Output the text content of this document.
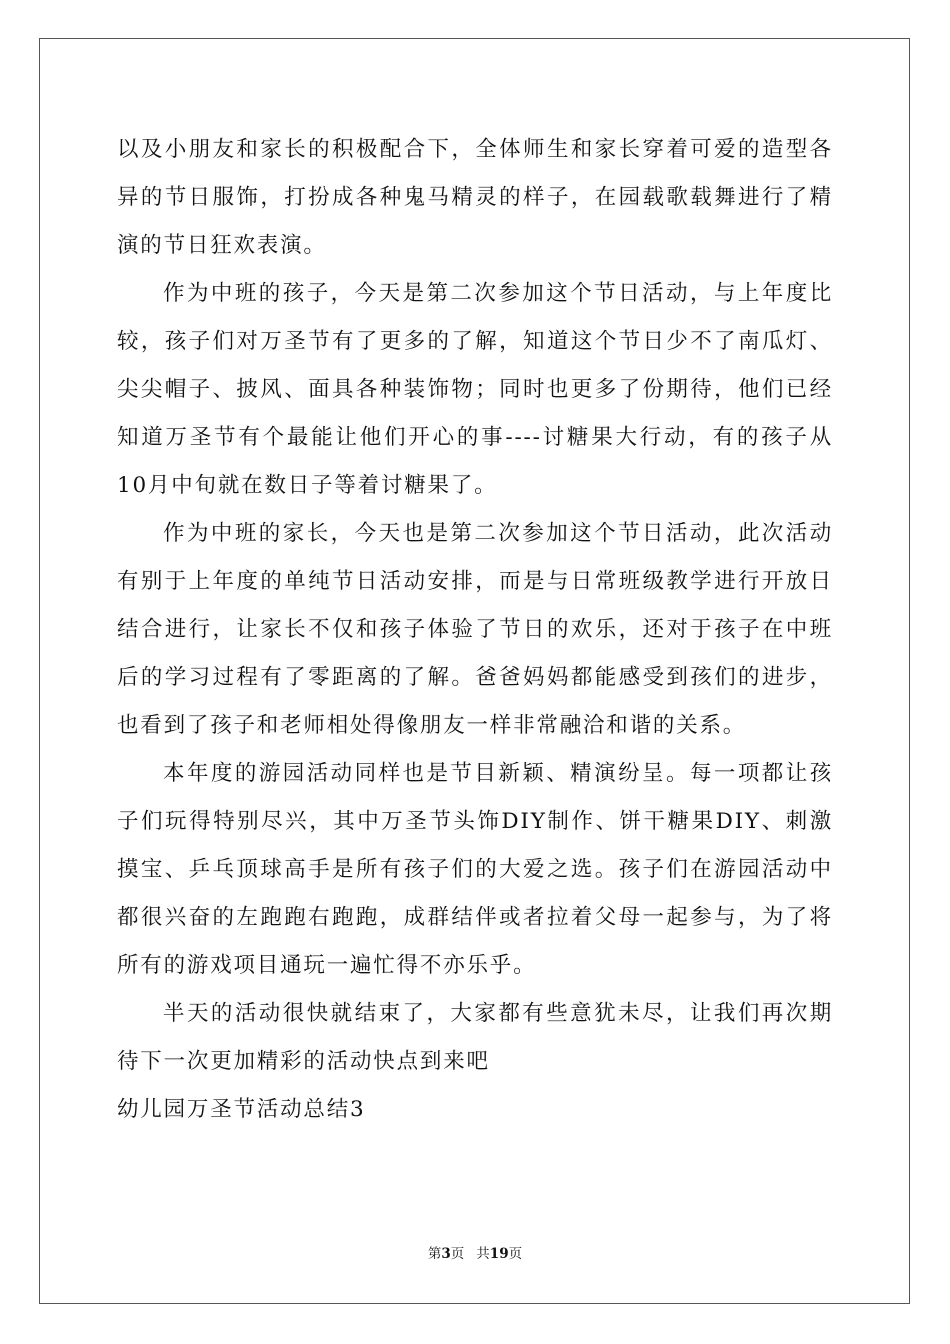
以及小朋友和家长的积极配合下，全体师生和家长穿着可爱的造型各异的节日服饰，打扮成各种鬼马精灵的样子，在园载歌载舞进行了精演的节日狂欢表演。

作为中班的孩子，今天是第二次参加这个节日活动，与上年度比较，孩子们对万圣节有了更多的了解，知道这个节日少不了南瓜灯、尖尖帽子、披风、面具各种装饰物；同时也更多了份期待，他们已经知道万圣节有个最能让他们开心的事----讨糖果大行动，有的孩子从10月中旬就在数日子等着讨糖果了。

作为中班的家长，今天也是第二次参加这个节日活动，此次活动有别于上年度的单纯节日活动安排，而是与日常班级教学进行开放日结合进行，让家长不仅和孩子体验了节日的欢乐，还对于孩子在中班后的学习过程有了零距离的了解。爸爸妈妈都能感受到孩们的进步，也看到了孩子和老师相处得像朋友一样非常融洽和谐的关系。

本年度的游园活动同样也是节目新颖、精演纷呈。每一项都让孩子们玩得特别尽兴，其中万圣节头饰DIY制作、饼干糖果DIY、刺激摸宝、乒乓顶球高手是所有孩子们的大爱之选。孩子们在游园活动中都很兴奋的左跑跑右跑跑，成群结伴或者拉着父母一起参与，为了将所有的游戏项目通玩一遍忙得不亦乐乎。

半天的活动很快就结束了，大家都有些意犹未尽，让我们再次期待下一次更加精彩的活动快点到来吧

幼儿园万圣节活动总结3

第3页 共19页
